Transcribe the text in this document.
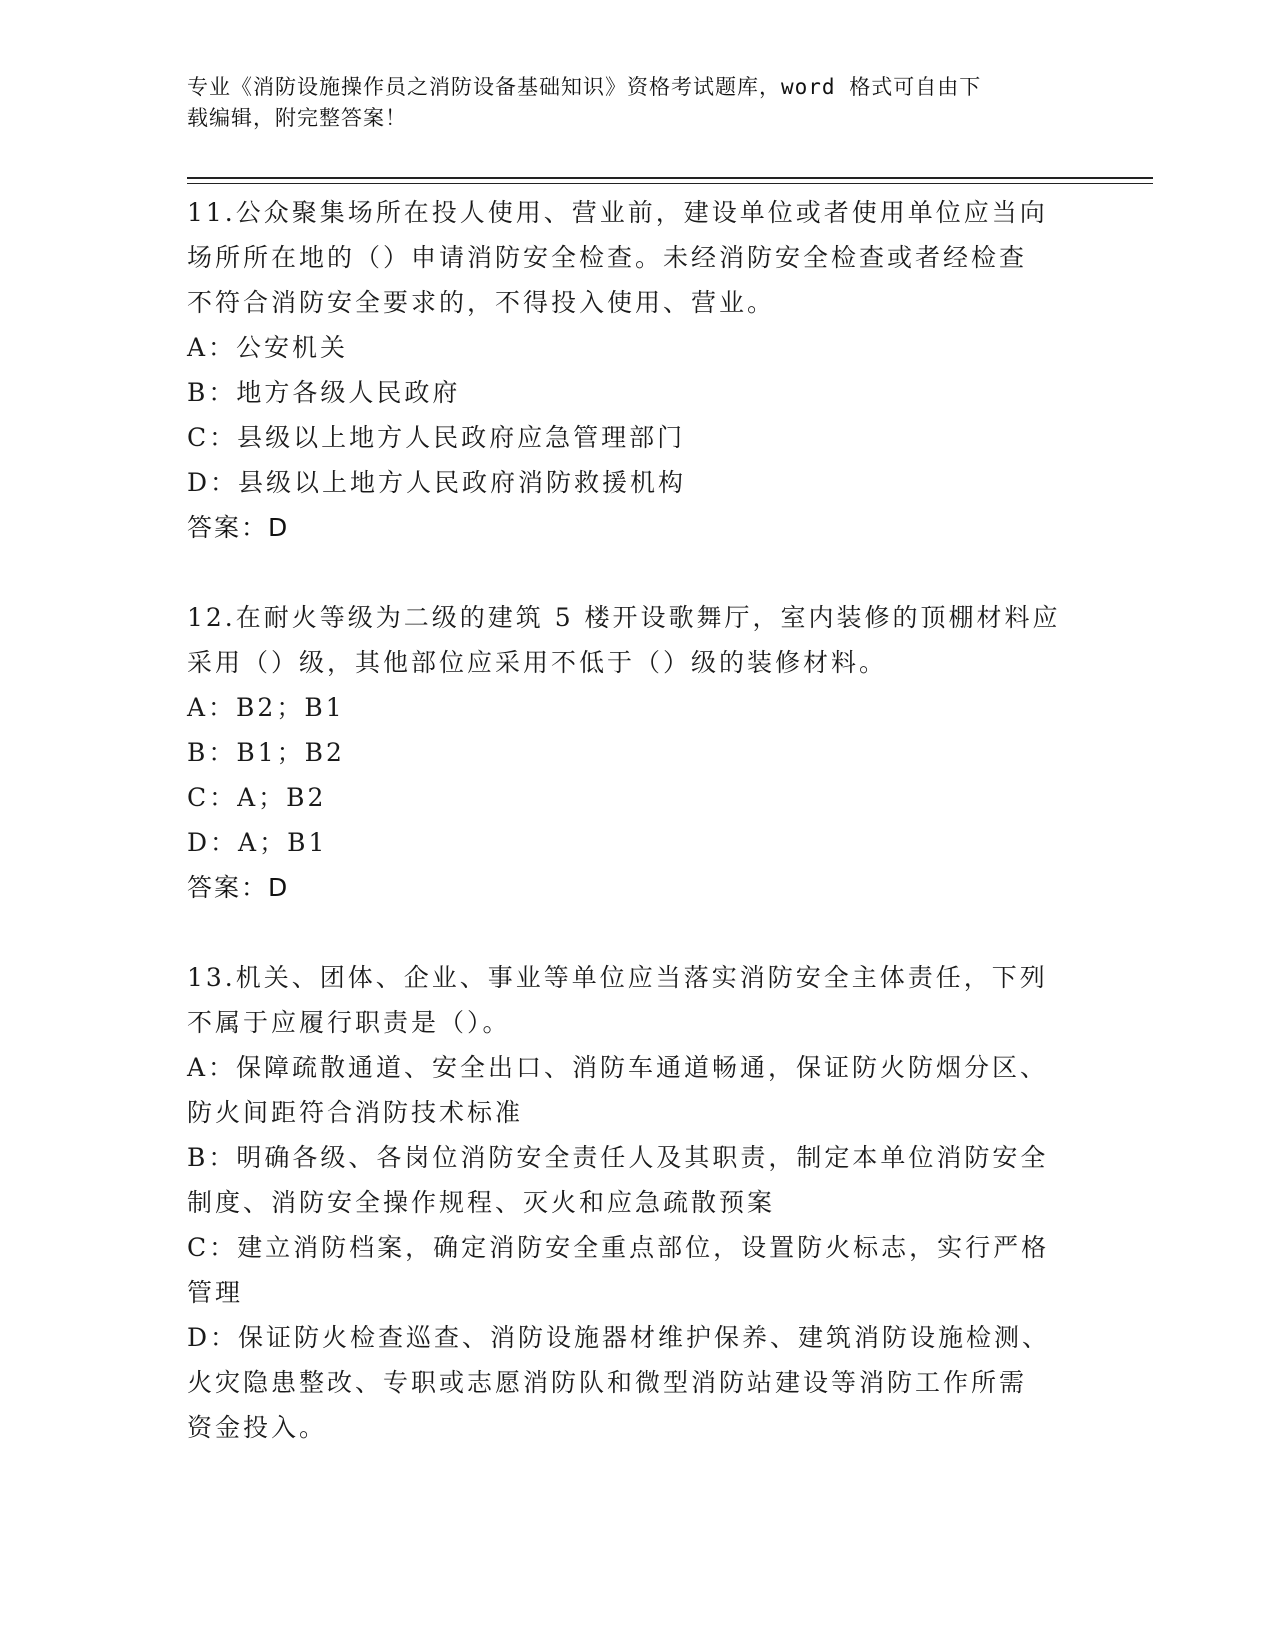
专业《消防设施操作员之消防设备基础知识》资格考试题库，word 格式可自由下
载编辑，附完整答案！
11.公众聚集场所在投人使用、营业前，建设单位或者使用单位应当向
场所所在地的（）申请消防安全检查。未经消防安全检查或者经检查
不符合消防安全要求的，不得投入使用、营业。
A：公安机关
B：地方各级人民政府
C：县级以上地方人民政府应急管理部门
D：县级以上地方人民政府消防救援机构
答案：D
12.在耐火等级为二级的建筑 5 楼开设歌舞厅，室内装修的顶棚材料应
采用（）级，其他部位应采用不低于（）级的装修材料。
A：B2；B1
B：B1；B2
C：A；B2
D：A；B1
答案：D
13.机关、团体、企业、事业等单位应当落实消防安全主体责任，下列
不属于应履行职责是（）。
A：保障疏散通道、安全出口、消防车通道畅通，保证防火防烟分区、
防火间距符合消防技术标准
B：明确各级、各岗位消防安全责任人及其职责，制定本单位消防安全
制度、消防安全操作规程、灭火和应急疏散预案
C：建立消防档案，确定消防安全重点部位，设置防火标志，实行严格
管理
D：保证防火检查巡查、消防设施器材维护保养、建筑消防设施检测、
火灾隐患整改、专职或志愿消防队和微型消防站建设等消防工作所需
资金投入。
